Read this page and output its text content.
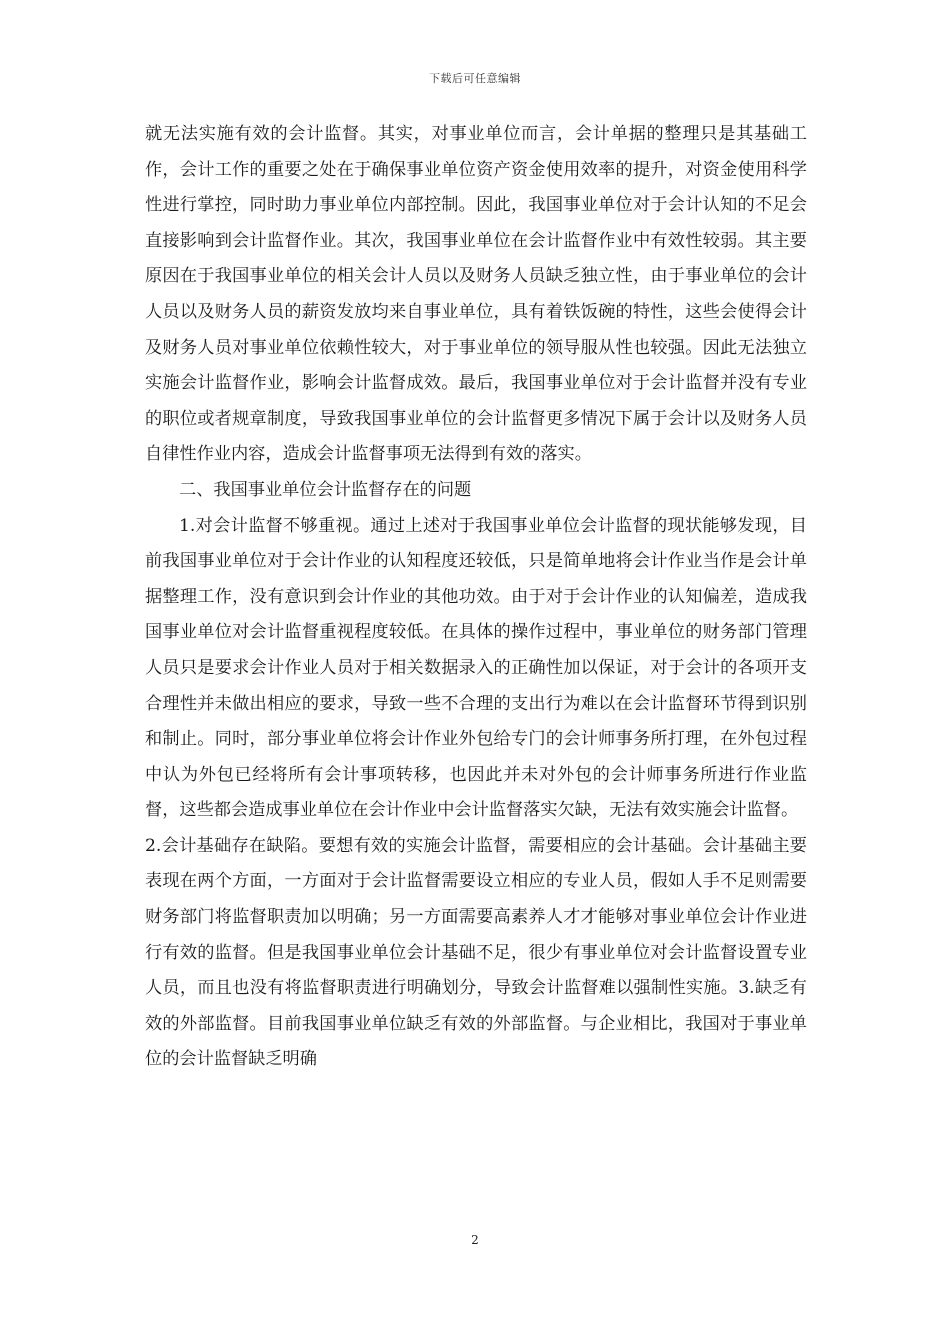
下载后可任意编辑

就无法实施有效的会计监督。其实，对事业单位而言，会计单据的整理只是其基础工作，会计工作的重要之处在于确保事业单位资产资金使用效率的提升，对资金使用科学性进行掌控，同时助力事业单位内部控制。因此，我国事业单位对于会计认知的不足会直接影响到会计监督作业。其次，我国事业单位在会计监督作业中有效性较弱。其主要原因在于我国事业单位的相关会计人员以及财务人员缺乏独立性，由于事业单位的会计人员以及财务人员的薪资发放均来自事业单位，具有着铁饭碗的特性，这些会使得会计及财务人员对事业单位依赖性较大，对于事业单位的领导服从性也较强。因此无法独立实施会计监督作业，影响会计监督成效。最后，我国事业单位对于会计监督并没有专业的职位或者规章制度，导致我国事业单位的会计监督更多情况下属于会计以及财务人员自律性作业内容，造成会计监督事项无法得到有效的落实。

二、我国事业单位会计监督存在的问题

1.对会计监督不够重视。通过上述对于我国事业单位会计监督的现状能够发现，目前我国事业单位对于会计作业的认知程度还较低，只是简单地将会计作业当作是会计单据整理工作，没有意识到会计作业的其他功效。由于对于会计作业的认知偏差，造成我国事业单位对会计监督重视程度较低。在具体的操作过程中，事业单位的财务部门管理人员只是要求会计作业人员对于相关数据录入的正确性加以保证，对于会计的各项开支合理性并未做出相应的要求，导致一些不合理的支出行为难以在会计监督环节得到识别和制止。同时，部分事业单位将会计作业外包给专门的会计师事务所打理，在外包过程中认为外包已经将所有会计事项转移，也因此并未对外包的会计师事务所进行作业监督，这些都会造成事业单位在会计作业中会计监督落实欠缺，无法有效实施会计监督。

2.会计基础存在缺陷。要想有效的实施会计监督，需要相应的会计基础。会计基础主要表现在两个方面，一方面对于会计监督需要设立相应的专业人员，假如人手不足则需要财务部门将监督职责加以明确；另一方面需要高素养人才才能够对事业单位会计作业进行有效的监督。但是我国事业单位会计基础不足，很少有事业单位对会计监督设置专业人员，而且也没有将监督职责进行明确划分，导致会计监督难以强制性实施。3.缺乏有效的外部监督。目前我国事业单位缺乏有效的外部监督。与企业相比，我国对于事业单位的会计监督缺乏明确

2
